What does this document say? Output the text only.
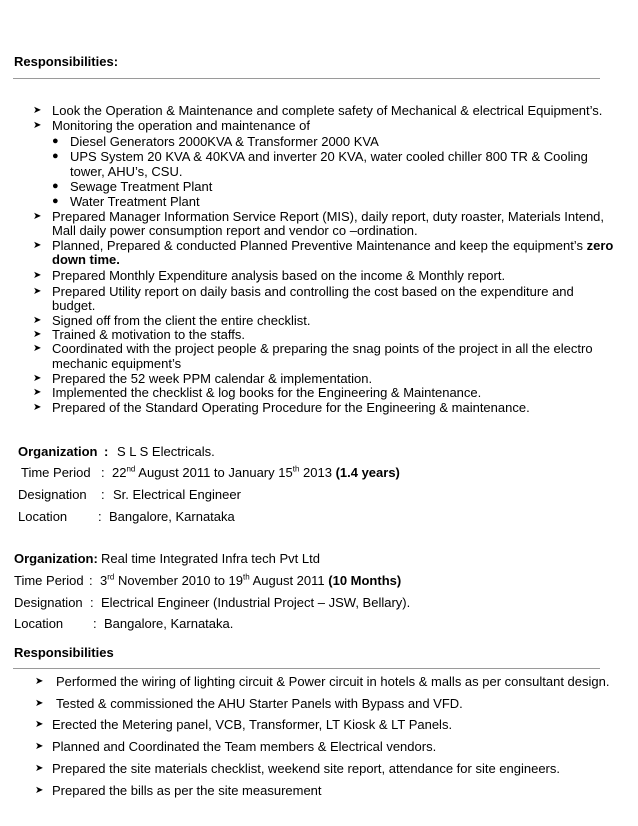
Responsibilities:
➤ Look the Operation & Maintenance and complete safety of Mechanical & electrical Equipment’s.
➤ Monitoring the operation and maintenance of
● Diesel Generators 2000KVA & Transformer 2000 KVA
● UPS System 20 KVA & 40KVA and inverter 20 KVA, water cooled chiller 800 TR & Cooling
tower, AHU’s, CSU.
● Sewage Treatment Plant
● Water Treatment Plant
➤ Prepared Manager Information Service Report (MIS), daily report, duty roaster, Materials Intend,
Mall daily power consumption report and vendor co –ordination.
➤ Planned, Prepared & conducted Planned Preventive Maintenance and keep the equipment’s zero
down time.
➤ Prepared Monthly Expenditure analysis based on the income & Monthly report.
➤ Prepared Utility report on daily basis and controlling the cost based on the expenditure and
budget.
➤ Signed off from the client the entire checklist.
➤ Trained & motivation to the staffs.
➤ Coordinated with the project people & preparing the snag points of the project in all the electro
mechanic equipment’s
➤ Prepared the 52 week PPM calendar & implementation.
➤ Implemented the checklist & log books for the Engineering & Maintenance.
➤ Prepared of the Standard Operating Procedure for the Engineering & maintenance.
Organization : S L S Electricals.
Time Period : 22nd August 2011 to January 15th 2013 (1.4 years)
Designation : Sr. Electrical Engineer
Location : Bangalore, Karnataka
Organization: Real time Integrated Infra tech Pvt Ltd
Time Period : 3rd November 2010 to 19th August 2011 (10 Months)
Designation : Electrical Engineer (Industrial Project – JSW, Bellary).
Location : Bangalore, Karnataka.
Responsibilities
➤ Performed the wiring of lighting circuit & Power circuit in hotels & malls as per consultant design.
➤ Tested & commissioned the AHU Starter Panels with Bypass and VFD.
➤ Erected the Metering panel, VCB, Transformer, LT Kiosk & LT Panels.
➤ Planned and Coordinated the Team members & Electrical vendors.
➤ Prepared the site materials checklist, weekend site report, attendance for site engineers.
➤ Prepared the bills as per the site measurement
